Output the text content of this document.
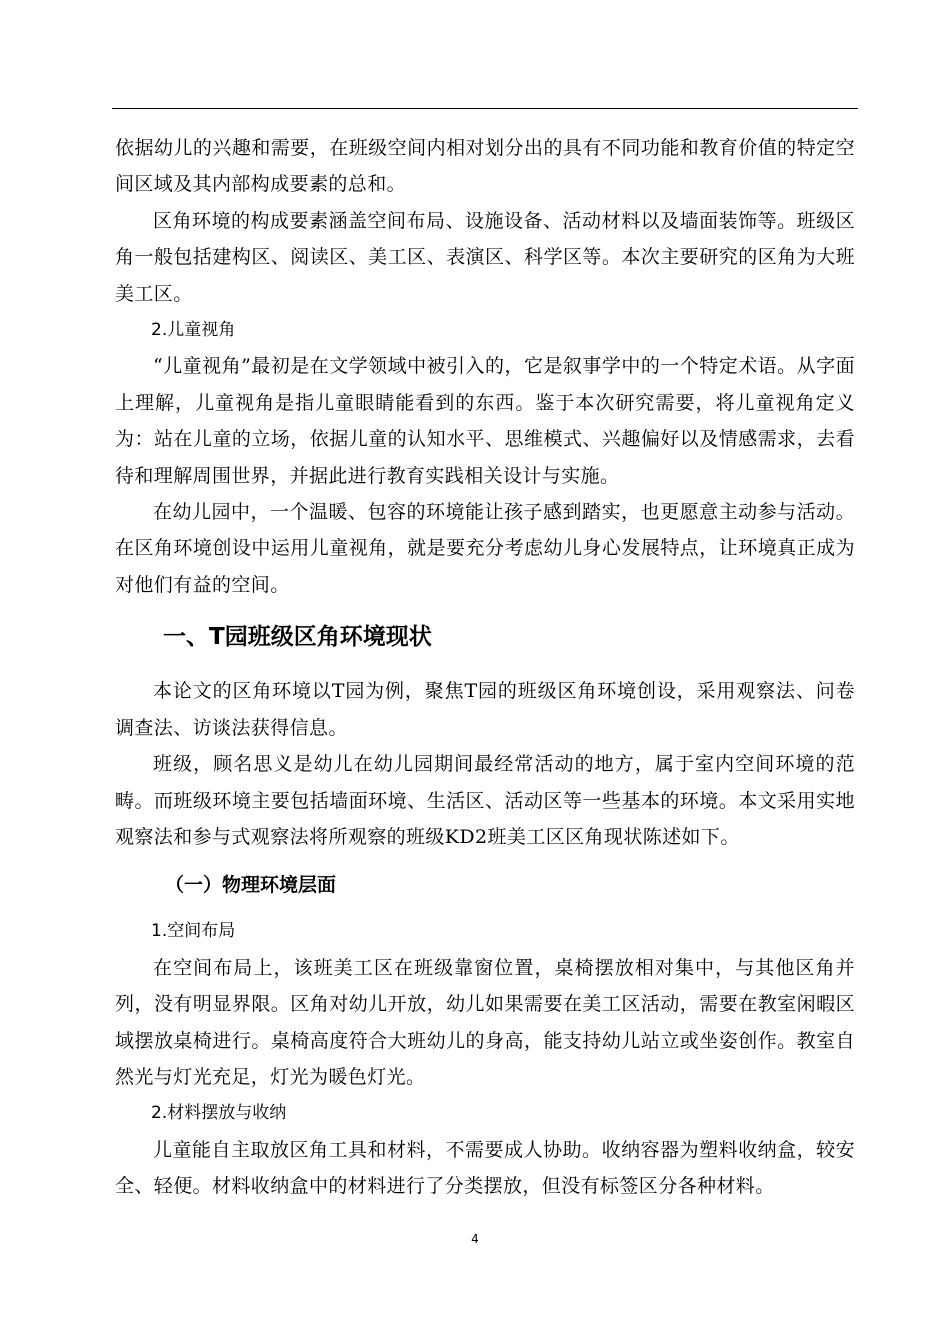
依据幼儿的兴趣和需要，在班级空间内相对划分出的具有不同功能和教育价值的特定空间区域及其内部构成要素的总和。

区角环境的构成要素涵盖空间布局、设施设备、活动材料以及墙面装饰等。班级区角一般包括建构区、阅读区、美工区、表演区、科学区等。本次主要研究的区角为大班美工区。

2.儿童视角

“儿童视角”最初是在文学领域中被引入的，它是叙事学中的一个特定术语。从字面上理解，儿童视角是指儿童眼睛能看到的东西。鉴于本次研究需要，将儿童视角定义为：站在儿童的立场，依据儿童的认知水平、思维模式、兴趣偏好以及情感需求，去看待和理解周围世界，并据此进行教育实践相关设计与实施。

在幼儿园中，一个温暖、包容的环境能让孩子感到踏实，也更愿意主动参与活动。在区角环境创设中运用儿童视角，就是要充分考虑幼儿身心发展特点，让环境真正成为对他们有益的空间。

一、T园班级区角环境现状

本论文的区角环境以T园为例，聚焦T园的班级区角环境创设，采用观察法、问卷调查法、访谈法获得信息。

班级，顾名思义是幼儿在幼儿园期间最经常活动的地方，属于室内空间环境的范畴。而班级环境主要包括墙面环境、生活区、活动区等一些基本的环境。本文采用实地观察法和参与式观察法将所观察的班级KD2班美工区区角现状陈述如下。

（一）物理环境层面

1.空间布局

在空间布局上，该班美工区在班级靠窗位置，桌椅摆放相对集中，与其他区角并列，没有明显界限。区角对幼儿开放，幼儿如果需要在美工区活动，需要在教室闲暇区域摆放桌椅进行。桌椅高度符合大班幼儿的身高，能支持幼儿站立或坐姿创作。教室自然光与灯光充足，灯光为暖色灯光。

2.材料摆放与收纳

儿童能自主取放区角工具和材料，不需要成人协助。收纳容器为塑料收纳盒，较安全、轻便。材料收纳盒中的材料进行了分类摆放，但没有标签区分各种材料。

4
